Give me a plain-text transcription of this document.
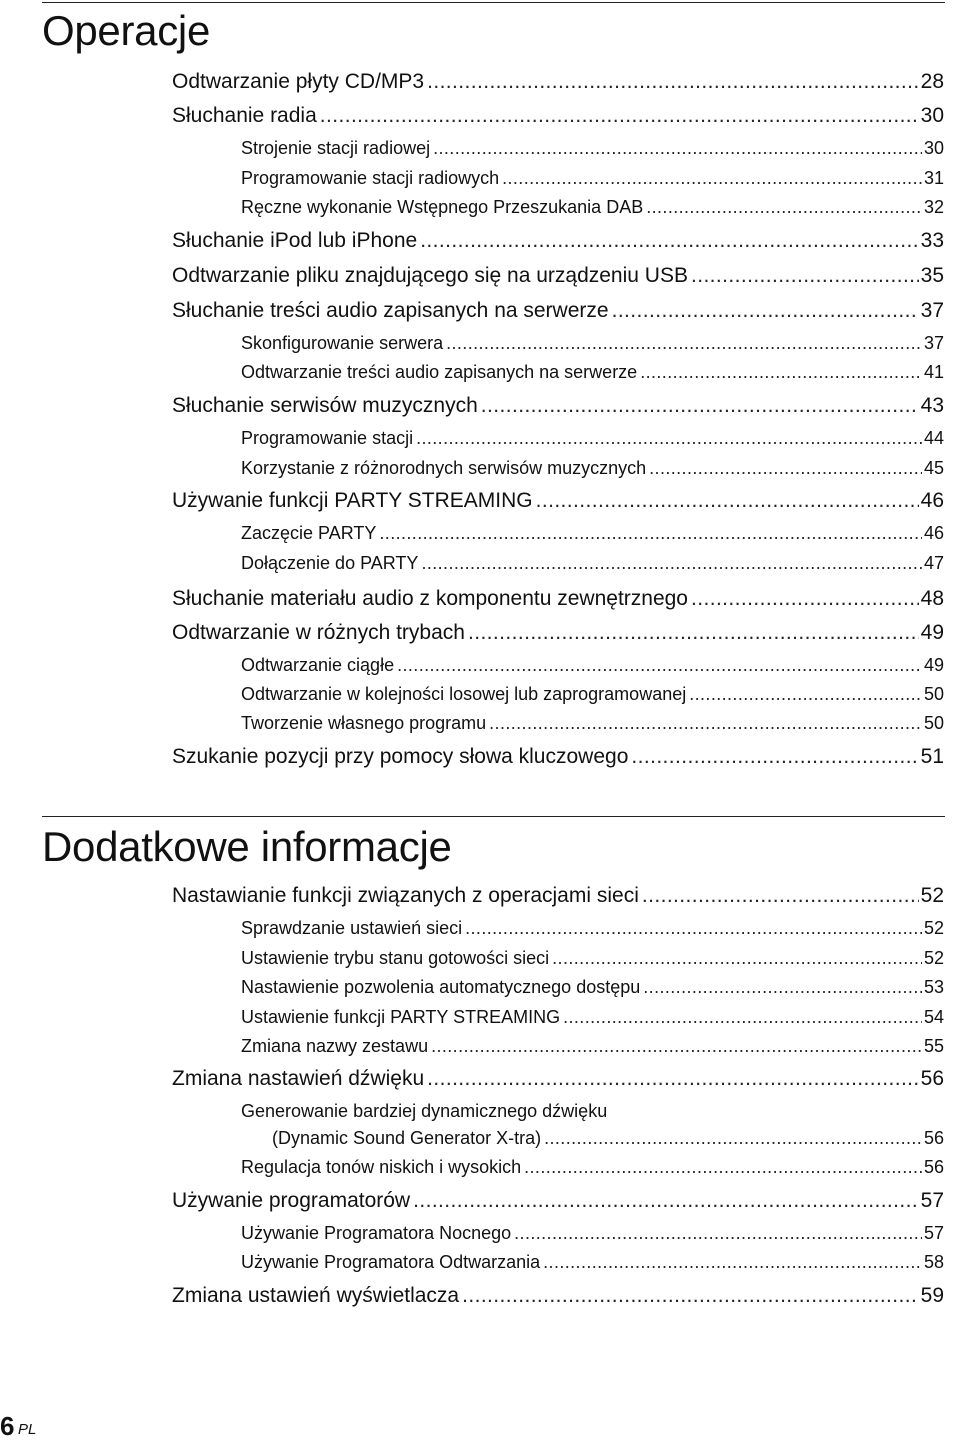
Operacje
Odtwarzanie płyty CD/MP3 .....	28
Słuchanie radia .....	30
Strojenie stacji radiowej .....	30
Programowanie stacji radiowych .....	31
Ręczne wykonanie Wstępnego Przeszukania DAB .....	32
Słuchanie iPod lub iPhone .....	33
Odtwarzanie pliku znajdującego się na urządzeniu USB .....	35
Słuchanie treści audio zapisanych na serwerze .....	37
Skonfigurowanie serwera .....	37
Odtwarzanie treści audio zapisanych na serwerze .....	41
Słuchanie serwisów muzycznych .....	43
Programowanie stacji .....	44
Korzystanie z różnorodnych serwisów muzycznych .....	45
Używanie funkcji PARTY STREAMING .....	46
Zaczęcie PARTY .....	46
Dołączenie do PARTY .....	47
Słuchanie materiału audio z komponentu zewnętrznego .....	48
Odtwarzanie w różnych trybach .....	49
Odtwarzanie ciągłe .....	49
Odtwarzanie w kolejności losowej lub zaprogramowanej .....	50
Tworzenie własnego programu .....	50
Szukanie pozycji przy pomocy słowa kluczowego .....	51
Dodatkowe informacje
Nastawianie funkcji związanych z operacjami sieci .....	52
Sprawdzanie ustawień sieci .....	52
Ustawienie trybu stanu gotowości sieci .....	52
Nastawienie pozwolenia automatycznego dostępu .....	53
Ustawienie funkcji PARTY STREAMING .....	54
Zmiana nazwy zestawu .....	55
Zmiana nastawień dźwięku .....	56
Generowanie bardziej dynamicznego dźwięku
(Dynamic Sound Generator X-tra) .....	56
Regulacja tonów niskich i wysokich .....	56
Używanie programatorów .....	57
Używanie Programatora Nocnego .....	57
Używanie Programatora Odtwarzania .....	58
Zmiana ustawień wyświetlacza .....	59
6 PL
